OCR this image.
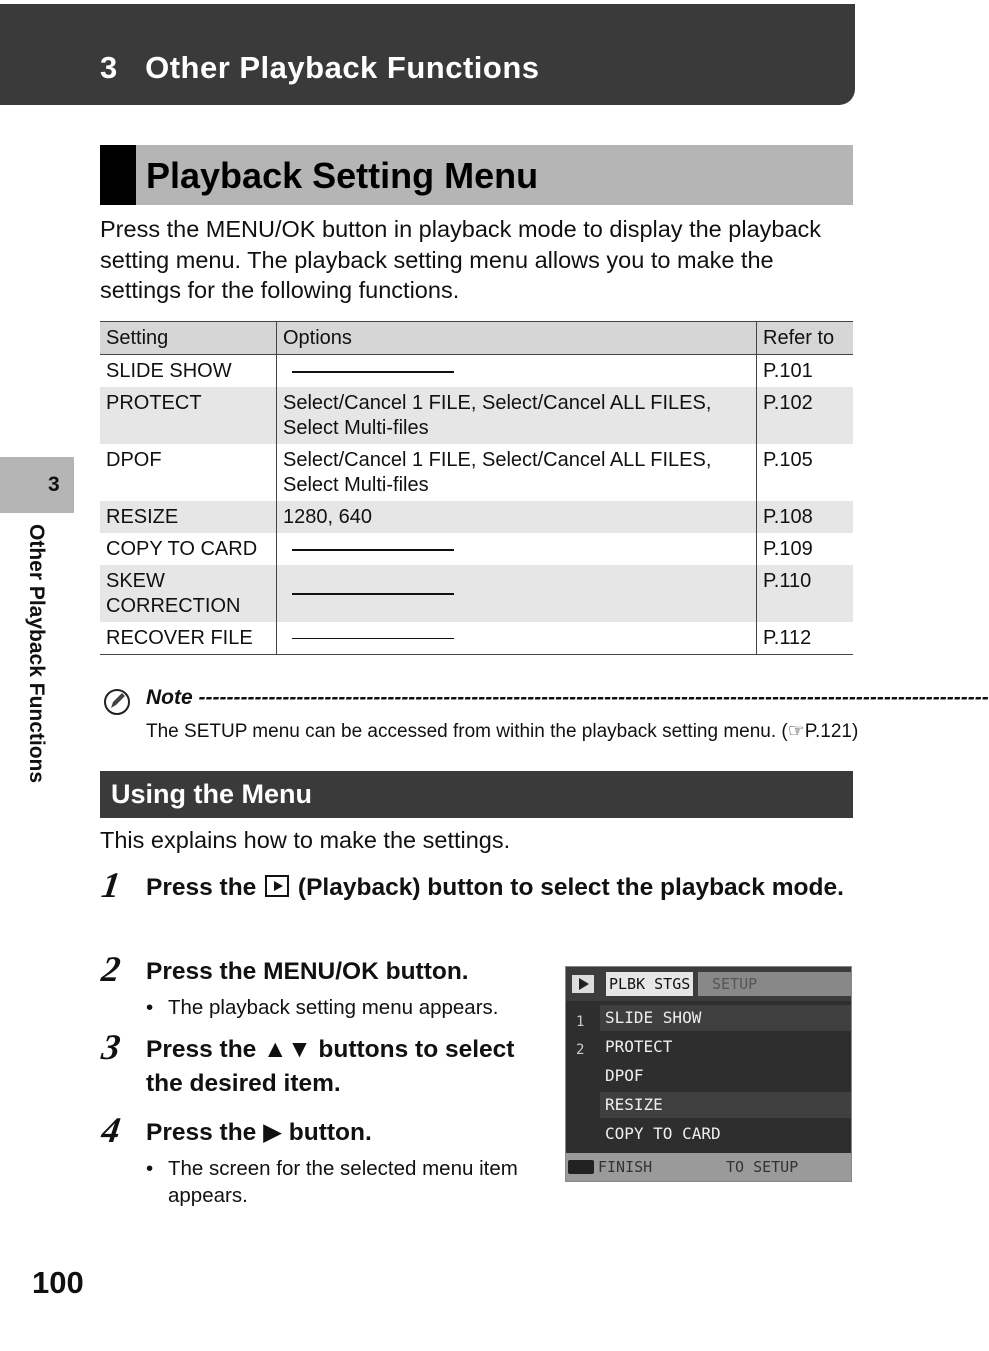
3   Other Playback Functions
Playback Setting Menu

Press the MENU/OK button in playback mode to display the playback setting menu. The playback setting menu allows you to make the settings for the following functions.

Setting	Options	Refer to
SLIDE SHOW		P.101
PROTECT	Select/Cancel 1 FILE, Select/Cancel ALL FILES, Select Multi-files	P.102
DPOF	Select/Cancel 1 FILE, Select/Cancel ALL FILES, Select Multi-files	P.105
RESIZE	1280, 640	P.108
COPY TO CARD		P.109
SKEW CORRECTION		P.110
RECOVER FILE		P.112
Note -----------------------------------------------------------------------------------------------------------------
The SETUP menu can be accessed from within the playback setting menu. (☞P.121)
Using the Menu
This explains how to make the settings.
1 Press the  (Playback) button to select the playback mode.
2 Press the MENU/OK button.
• The playback setting menu appears.
3 Press the ▲▼ buttons to select the desired item.
4 Press the ▶ button.
• The screen for the selected menu item appears.
PLBK STGS	SETUP
1
2
SLIDE SHOW
PROTECT
DPOF
RESIZE
COPY TO CARD
FINISH	TO SETUP
3
Other Playback Functions
100
